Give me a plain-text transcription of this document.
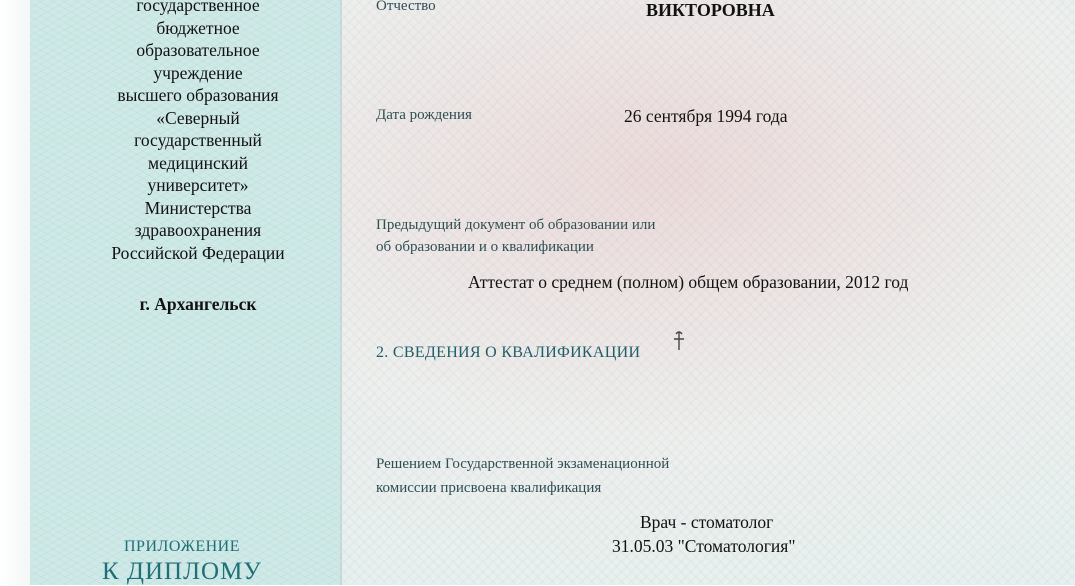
государственное
бюджетное
образовательное
учреждение
высшего образования
«Северный
государственный
медицинский
университет»
Министерства
здравоохранения
Российской Федерации
г. Архангельск
ПРИЛОЖЕНИЕ
К ДИПЛОМУ
Отчество	ВИКТОРОВНА
Дата рождения	26 сентября 1994 года
Предыдущий документ об образовании или
об образовании и о квалификации
Аттестат о среднем (полном) общем образовании, 2012 год
2. СВЕДЕНИЯ О КВАЛИФИКАЦИИ
Решением Государственной экзаменационной
комиссии присвоена квалификация
Врач - стоматолог
31.05.03 "Стоматология"
